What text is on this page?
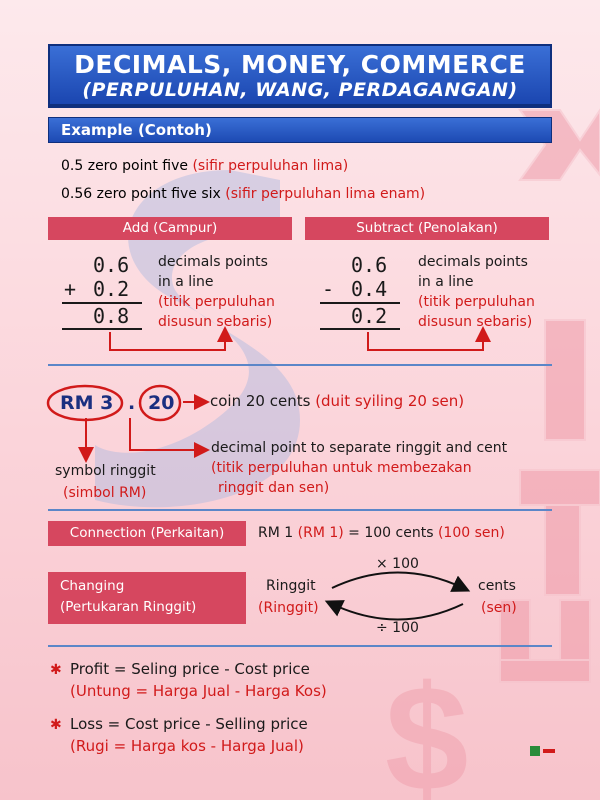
$
DECIMALS, MONEY, COMMERCE
(PERPULUHAN, WANG, PERDAGANGAN)
Example (Contoh)
0.5 zero point five (sifir perpuluhan lima)
0.56 zero point five six (sifir perpuluhan lima enam)
Add (Campur)
0.6
+ 0.2
0.8
decimals points
in a line
(titik perpuluhan
disusun sebaris)
Subtract (Penolakan)
0.6
- 0.4
0.2
decimals points
in a line
(titik perpuluhan
disusun sebaris)
RM 3 . 20 coin 20 cents (duit syiling 20 sen)
decimal point to separate ringgit and cent
(titik perpuluhan untuk membezakan
ringgit dan sen)
symbol ringgit
(simbol RM)
Connection (Perkaitan)	RM 1 (RM 1) = 100 cents (100 sen)
Changing
(Pertukaran Ringgit)
Ringgit
(Ringgit)
cents
(sen)
× 100
÷ 100
✱ Profit = Seling price - Cost price
(Untung = Harga Jual - Harga Kos)
✱ Loss = Cost price - Selling price
(Rugi = Harga kos - Harga Jual)
